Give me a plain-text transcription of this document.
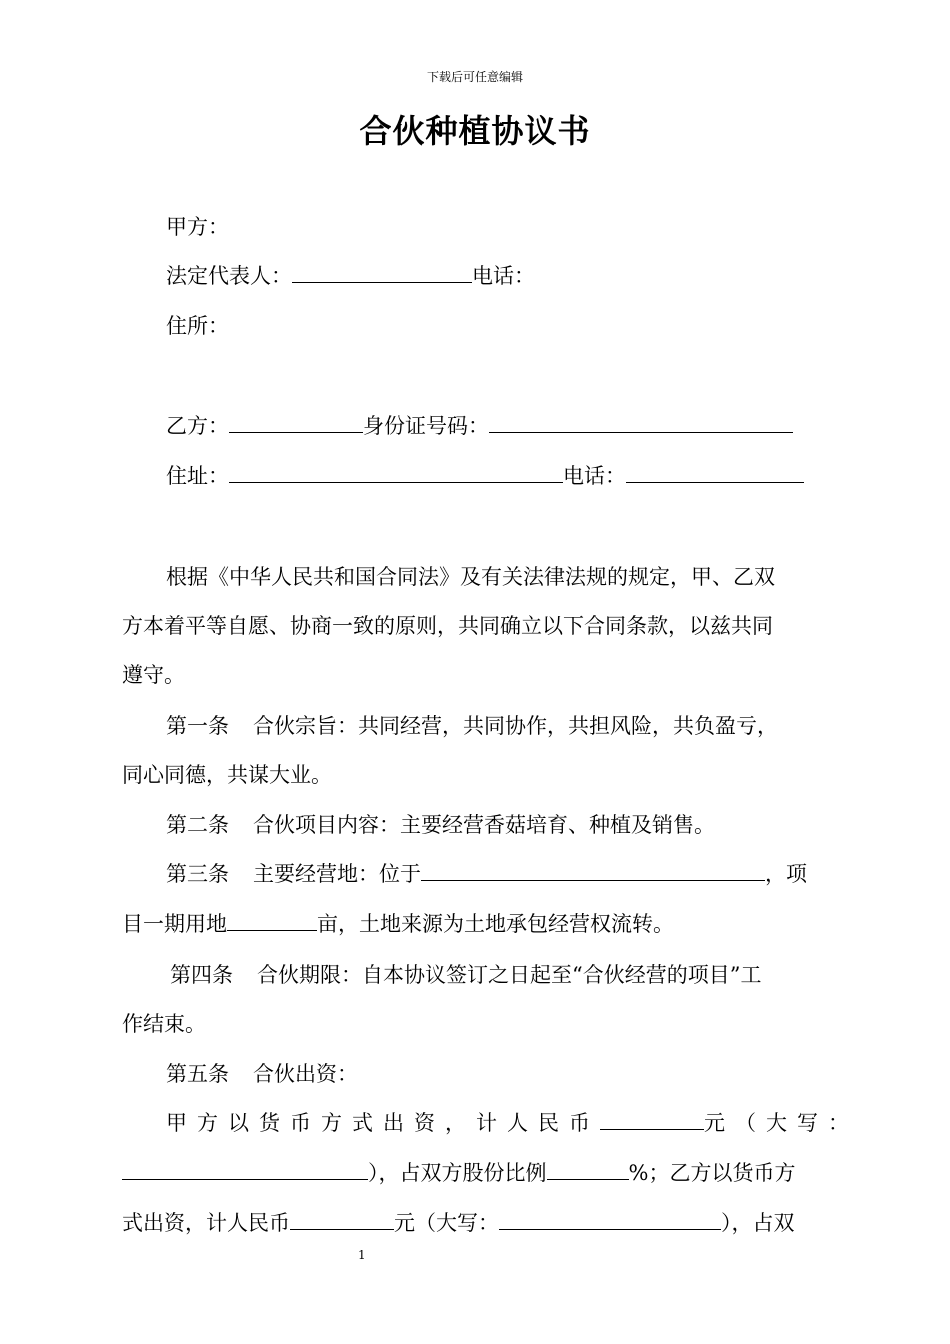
下载后可任意编辑
合伙种植协议书
甲方：
法定代表人：	电话：
住所：
乙方：	身份证号码：
住址：	电话：
根据《中华人民共和国合同法》及有关法律法规的规定，甲、乙双
方本着平等自愿、协商一致的原则，共同确立以下合同条款，以兹共同
遵守。
第一条 合伙宗旨：共同经营，共同协作，共担风险，共负盈亏，
同心同德，共谋大业。
第二条 合伙项目内容：主要经营香菇培育、种植及销售。
第三条 主要经营地：位于	，项
目一期用地	亩，土地来源为土地承包经营权流转。
第四条 合伙期限：自本协议签订之日起至“合伙经营的项目”工
作结束。
第五条 合伙出资：
甲方以货币方式出资，计人民币	元（大写：
），占双方股份比例	%；乙方以货币方
式出资，计人民币	元（大写：	），占双
1
